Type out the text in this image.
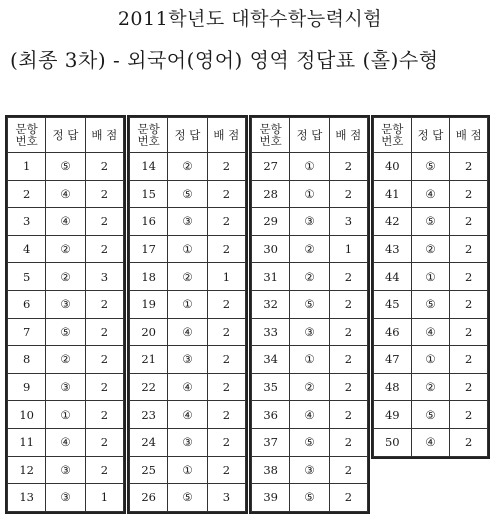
2011학년도 대학수학능력시험
(최종 3차) - 외국어(영어) 영역 정답표 (홀)수형
문항
번호	정 답	배 점
1	⑤	2
2	④	2
3	④	2
4	②	2
5	②	3
6	③	2
7	⑤	2
8	②	2
9	③	2
10	①	2
11	④	2
12	③	2
13	③	1
문항
번호	정 답	배 점
14	②	2
15	⑤	2
16	③	2
17	①	2
18	②	1
19	①	2
20	④	2
21	③	2
22	④	2
23	④	2
24	③	2
25	①	2
26	⑤	3
문항
번호	정 답	배 점
27	①	2
28	①	2
29	③	3
30	②	1
31	②	2
32	⑤	2
33	③	2
34	①	2
35	②	2
36	④	2
37	⑤	2
38	③	2
39	⑤	2
문항
번호	정 답	배 점
40	⑤	2
41	④	2
42	⑤	2
43	②	2
44	①	2
45	⑤	2
46	④	2
47	①	2
48	②	2
49	⑤	2
50	④	2
